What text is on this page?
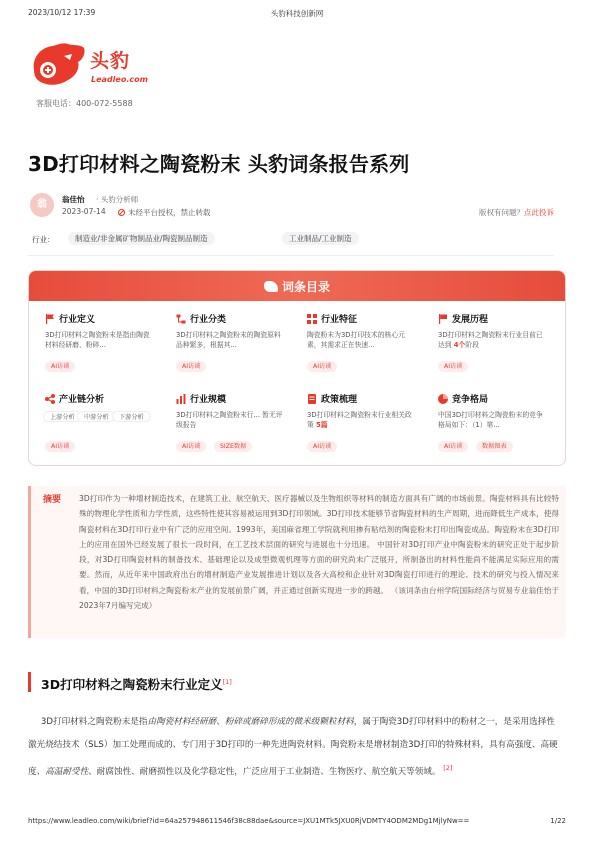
2023/10/12 17:39	头豹科技创新网
头豹
Leadleo.com
客服电话：400-072-5588
3D打印材料之陶瓷粉末 头豹词条报告系列
翁	翁佳怡 · 头豹分析师
2023-07-14	未经平台授权，禁止转载	版权有问题？点此投诉
行业：	制造业/非金属矿物制品业/陶瓷制品制造	工业制品/工业制造
词条目录
行业定义
3D打印材料之陶瓷粉末是指由陶瓷材料经研磨、粉碎...
AI访谈
行业分类
3D打印材料之陶瓷粉末的陶瓷原料品种繁多，根据其...
AI访谈
行业特征
陶瓷粉末为3D打印技术的核心元素，其需求正在快速...
AI访谈
发展历程
3D打印材料之陶瓷粉末行业目前已达到 4个阶段
AI访谈
产业链分析
上游分析	中游分析	下游分析
AI访谈
行业规模
3D打印材料之陶瓷粉末行... 暂无评级报告
AI访谈	SIZE数据
政策梳理
3D打印材料之陶瓷粉末行业相关政策 5篇
AI访谈
竞争格局
中国3D打印材料之陶瓷粉末的竞争格局如下：（1）第...
AI访谈	数据图表
摘要 3D打印作为一种增材制造技术，在建筑工业、航空航天、医疗器械以及生物组织等材料的制造方面具有广阔的市场前景。陶瓷材料具有比较特殊的物理化学性质和力学性质，这些特性使其容易被运用到3D打印领域。3D打印技术能够节省陶瓷材料的生产周期，进而降低生产成本，使得陶瓷材料在3D打印行业中有广泛的应用空间。1993年，美国麻省理工学院就利用掺有粘结剂的陶瓷粉末打印出陶瓷成品。陶瓷粉末在3D打印上的应用在国外已经发展了很长一段时间，在工艺技术层面的研究与进展也十分迅速。 中国针对3D打印产业中陶瓷粉末的研究正处于起步阶段，对3D打印陶瓷材料的制备技术、基础理论以及成型微观机理等方面的研究尚未广泛展开，所制备出的材料性能尚不能满足实际应用的需要。然而，从近年来中国政府出台的增材制造产业发展推进计划以及各大高校和企业针对3D陶瓷打印进行的理论、技术的研究与投入情况来看，中国的3D打印材料之陶瓷粉末产业的发展前景广阔，并正通过创新实现进一步的跨越。 （该词条由台州学院国际经济与贸易专业翁佳怡于2023年7月编写完成）

3D打印材料之陶瓷粉末行业定义[1]

  3D打印材料之陶瓷粉末是指由陶瓷材料经研磨、粉碎或磨碎形成的微米级颗粒材料，属于陶瓷3D打印材料中的粉材之一，是采用选择性激光烧结技术（SLS）加工处理而成的、专门用于3D打印的一种先进陶瓷材料。陶瓷粉末是增材制造3D打印的特殊材料，具有高强度、高硬度、高温耐受性、耐腐蚀性、耐磨损性以及化学稳定性，广泛应用于工业制造、生物医疗、航空航天等领域。 [2]

https://www.leadleo.com/wiki/brief?id=64a257948611546f38c88dae&source=JXU1MTk5JXU0RjVDMTY4ODM2MDg1MjlyNw==	1/22
